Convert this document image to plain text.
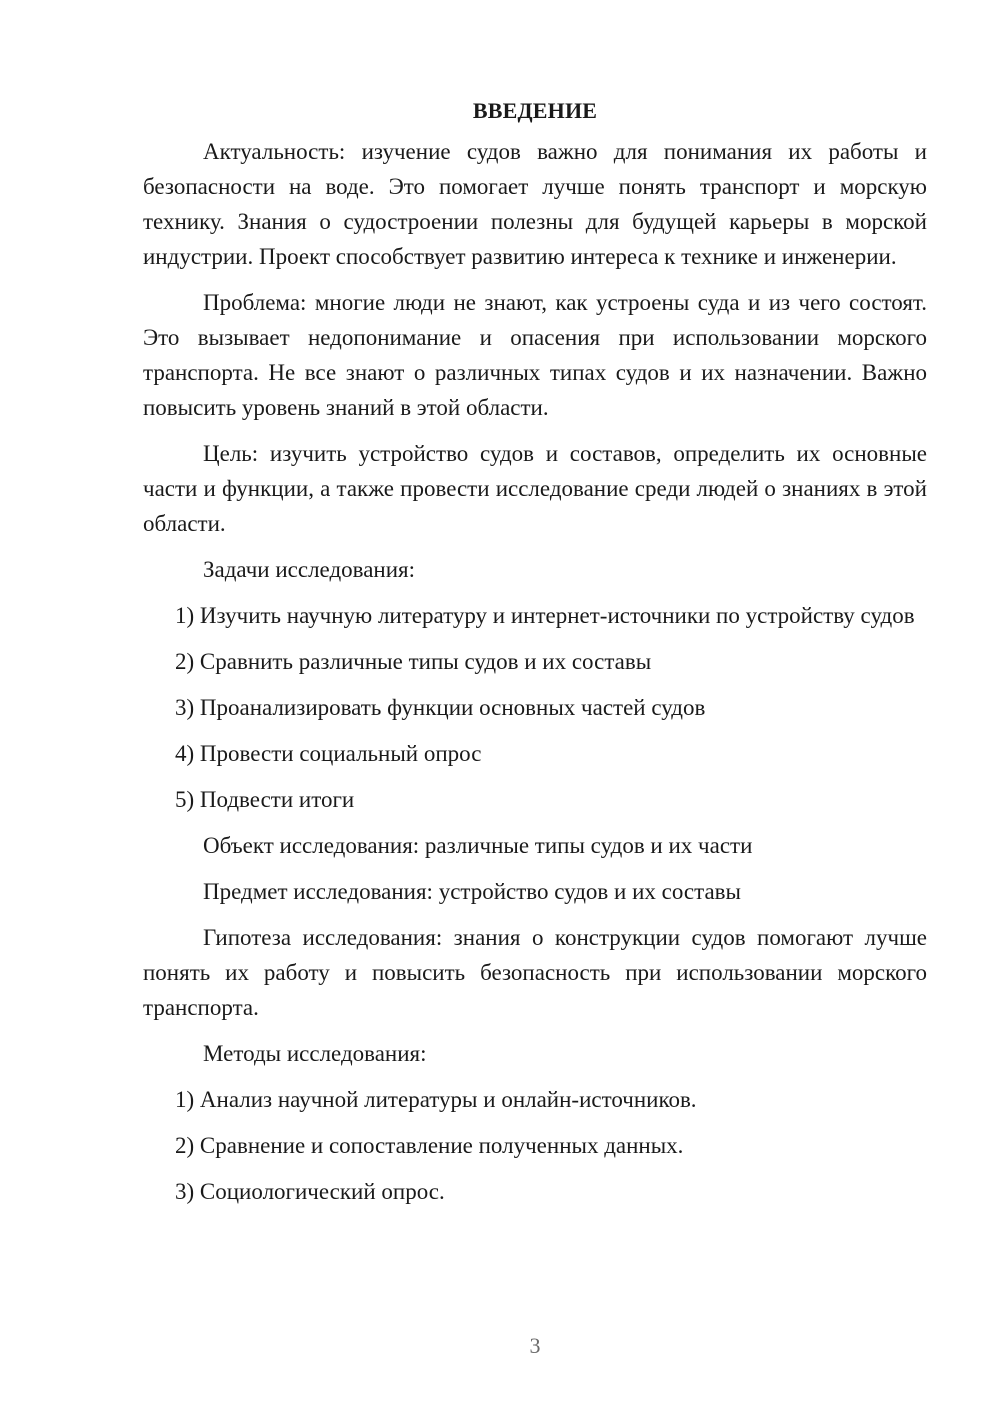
ВВЕДЕНИЕ

Актуальность: изучение судов важно для понимания их работы и безопасности на воде. Это помогает лучше понять транспорт и морскую технику. Знания о судостроении полезны для будущей карьеры в морской индустрии. Проект способствует развитию интереса к технике и инженерии.

Проблема: многие люди не знают, как устроены суда и из чего состоят. Это вызывает недопонимание и опасения при использовании морского транспорта. Не все знают о различных типах судов и их назначении. Важно повысить уровень знаний в этой области.

Цель: изучить устройство судов и составов, определить их основные части и функции, а также провести исследование среди людей о знаниях в этой области.

Задачи исследования:

1) Изучить научную литературу и интернет-источники по устройству судов

2) Сравнить различные типы судов и их составы

3) Проанализировать функции основных частей судов

4) Провести социальный опрос

5) Подвести итоги

Объект исследования: различные типы судов и их части

Предмет исследования: устройство судов и их составы

Гипотеза исследования: знания о конструкции судов помогают лучше понять их работу и повысить безопасность при использовании морского транспорта.

Методы исследования:

1) Анализ научной литературы и онлайн-источников.

2) Сравнение и сопоставление полученных данных.

3) Социологический опрос.

3
